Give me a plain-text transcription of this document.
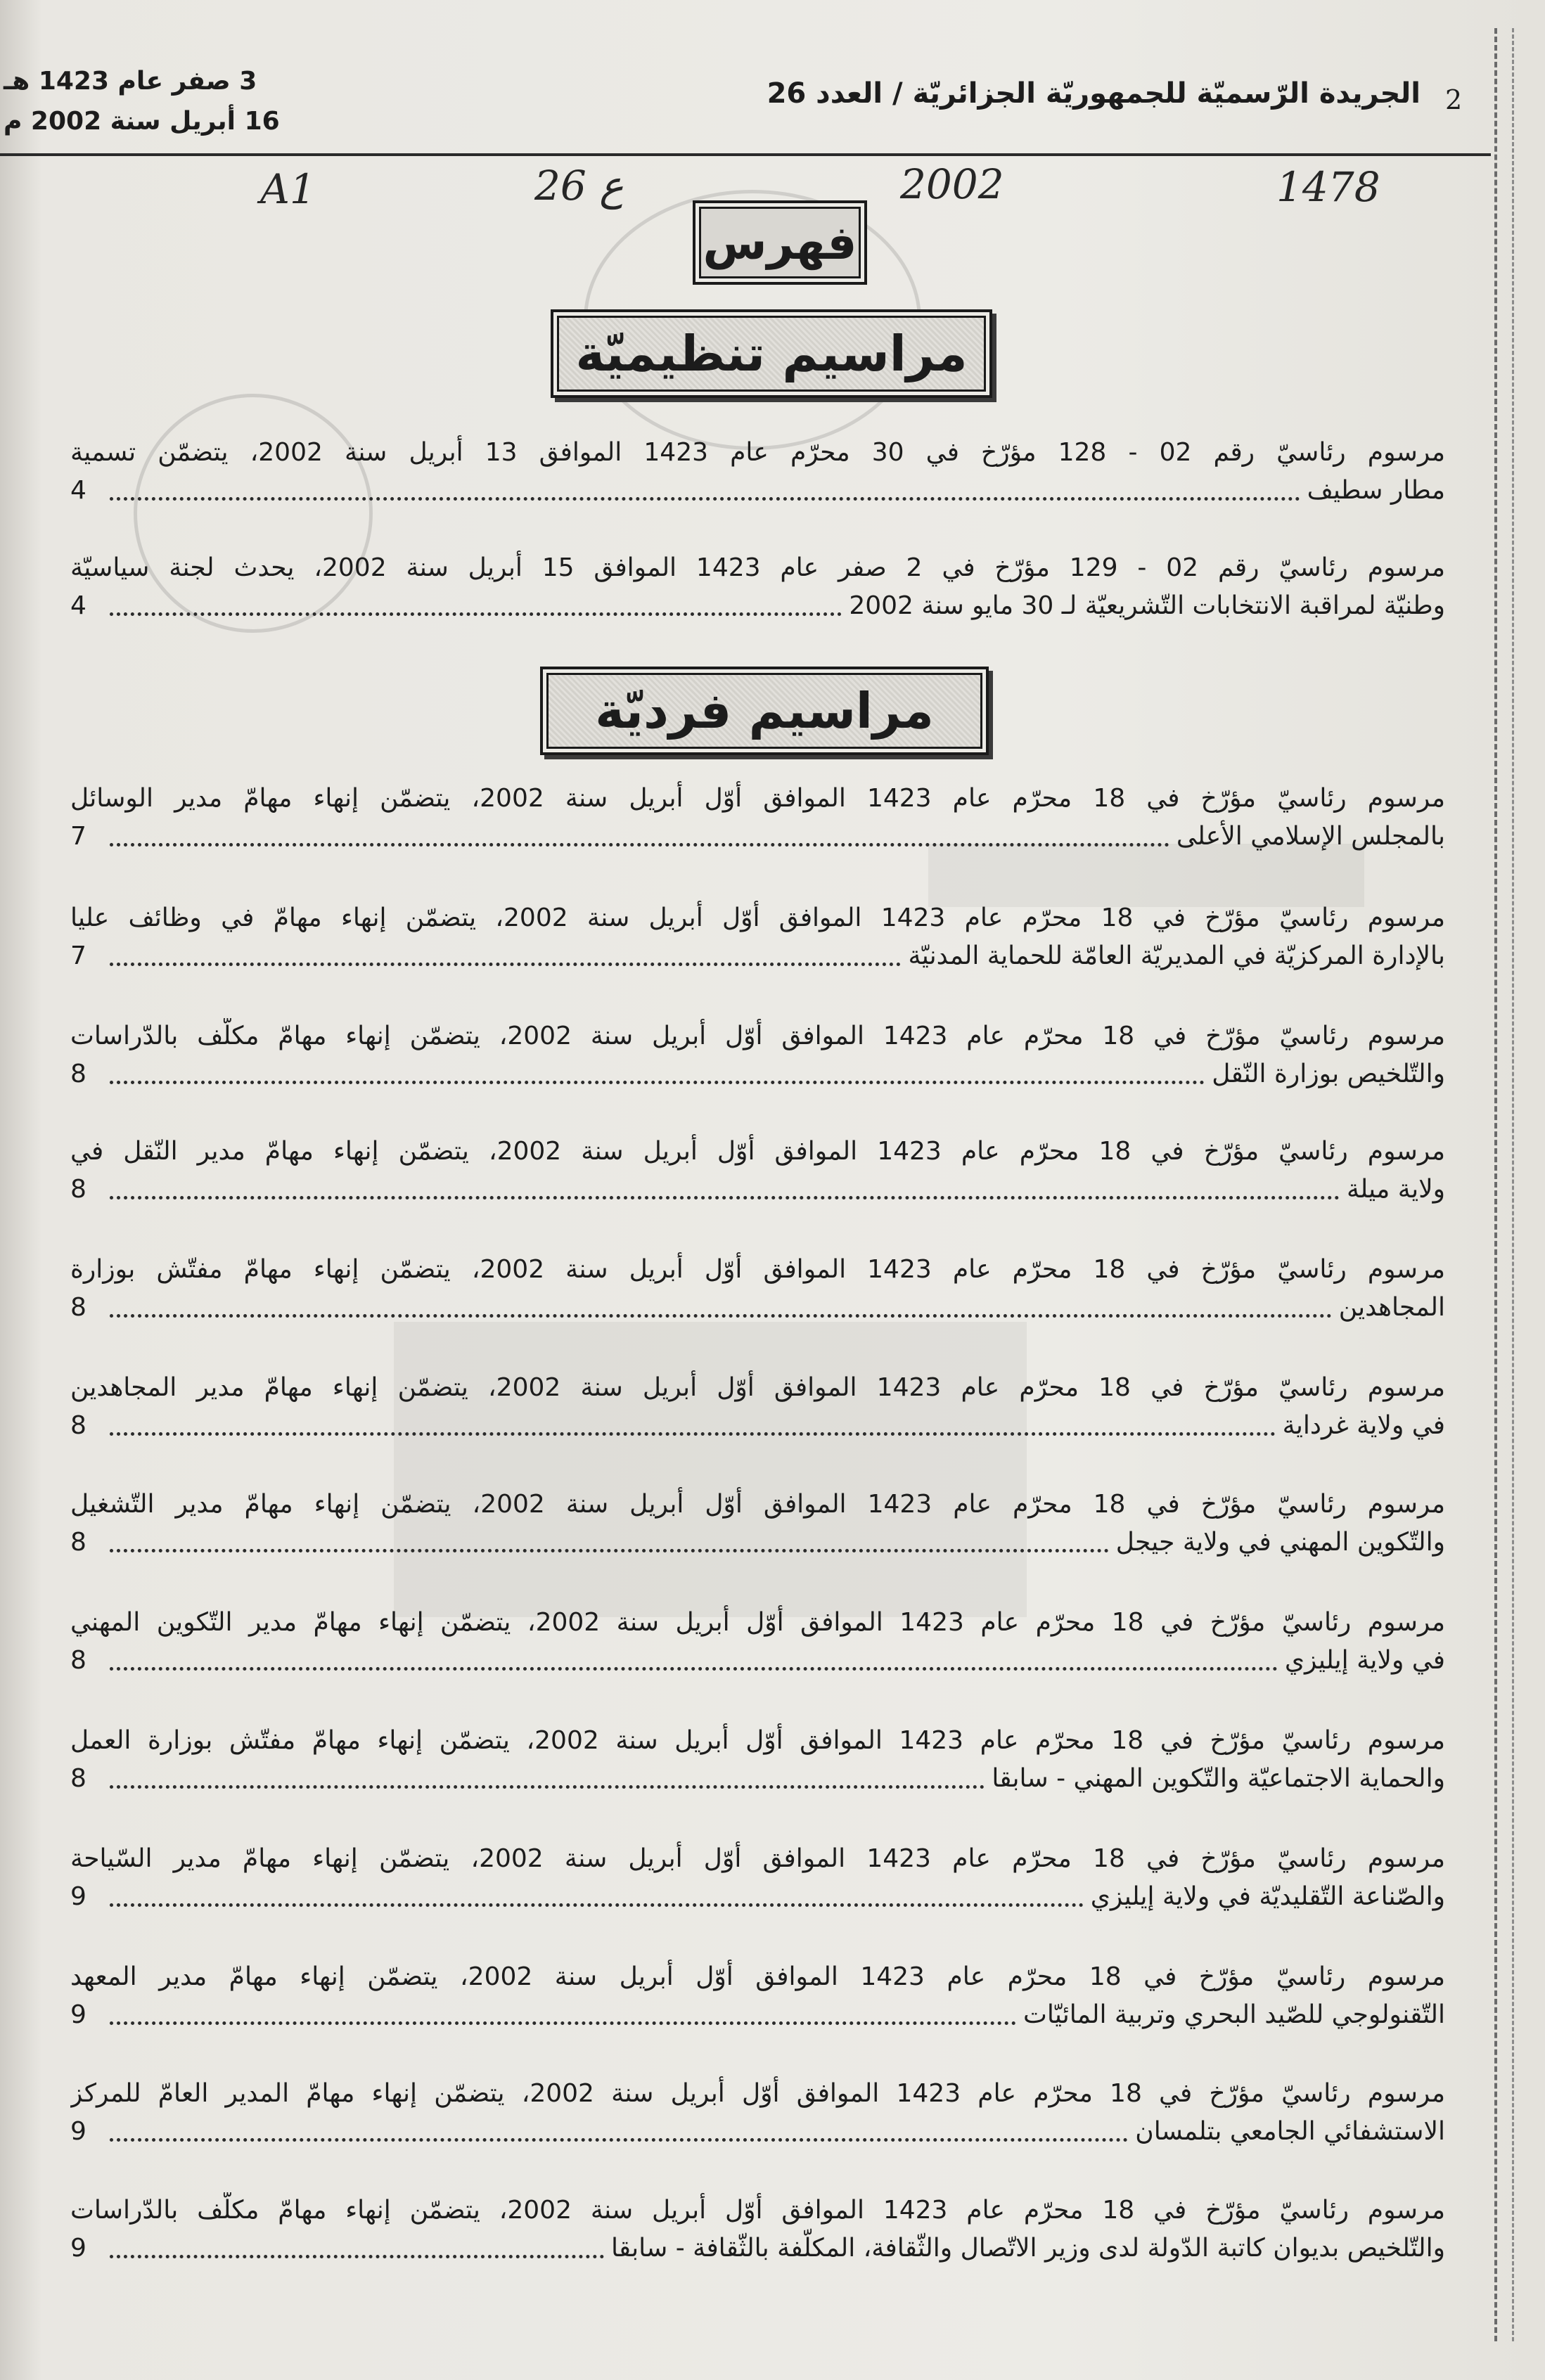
2
الجريدة الرّسميّة للجمهوريّة الجزائريّة / العدد 26
3 صفر عام 1423 هـ
16 أبريل سنة 2002 م
A1	26 ع	2002	1478
فهرس
مراسيم تنظيميّة
مرسوم رئاسيّ رقم 02 - 128 مؤرّخ في 30 محرّم عام 1423 الموافق 13 أبريل سنة 2002، يتضمّن تسمية
مطار سطيف
4
مرسوم رئاسيّ رقم 02 - 129 مؤرّخ في 2 صفر عام 1423 الموافق 15 أبريل سنة 2002، يحدث لجنة سياسيّة
وطنيّة لمراقبة الانتخابات التّشريعيّة لـ 30 مايو سنة 2002
4
مراسيم فرديّة
مرسوم رئاسيّ مؤرّخ في 18 محرّم عام 1423 الموافق أوّل أبريل سنة 2002، يتضمّن إنهاء مهامّ مدير الوسائل
بالمجلس الإسلامي الأعلى
7
مرسوم رئاسيّ مؤرّخ في 18 محرّم عام 1423 الموافق أوّل أبريل سنة 2002، يتضمّن إنهاء مهامّ في وظائف عليا
بالإدارة المركزيّة في المديريّة العامّة للحماية المدنيّة
7
مرسوم رئاسيّ مؤرّخ في 18 محرّم عام 1423 الموافق أوّل أبريل سنة 2002، يتضمّن إنهاء مهامّ مكلّف بالدّراسات
والتّلخيص بوزارة النّقل
8
مرسوم رئاسيّ مؤرّخ في 18 محرّم عام 1423 الموافق أوّل أبريل سنة 2002، يتضمّن إنهاء مهامّ مدير النّقل في
ولاية ميلة
8
مرسوم رئاسيّ مؤرّخ في 18 محرّم عام 1423 الموافق أوّل أبريل سنة 2002، يتضمّن إنهاء مهامّ مفتّش بوزارة
المجاهدين
8
مرسوم رئاسيّ مؤرّخ في 18 محرّم عام 1423 الموافق أوّل أبريل سنة 2002، يتضمّن إنهاء مهامّ مدير المجاهدين
في ولاية غرداية
8
مرسوم رئاسيّ مؤرّخ في 18 محرّم عام 1423 الموافق أوّل أبريل سنة 2002، يتضمّن إنهاء مهامّ مدير التّشغيل
والتّكوين المهني في ولاية جيجل
8
مرسوم رئاسيّ مؤرّخ في 18 محرّم عام 1423 الموافق أوّل أبريل سنة 2002، يتضمّن إنهاء مهامّ مدير التّكوين المهني
في ولاية إيليزي
8
مرسوم رئاسيّ مؤرّخ في 18 محرّم عام 1423 الموافق أوّل أبريل سنة 2002، يتضمّن إنهاء مهامّ مفتّش بوزارة العمل
والحماية الاجتماعيّة والتّكوين المهني - سابقا
8
مرسوم رئاسيّ مؤرّخ في 18 محرّم عام 1423 الموافق أوّل أبريل سنة 2002، يتضمّن إنهاء مهامّ مدير السّياحة
والصّناعة التّقليديّة في ولاية إيليزي
9
مرسوم رئاسيّ مؤرّخ في 18 محرّم عام 1423 الموافق أوّل أبريل سنة 2002، يتضمّن إنهاء مهامّ مدير المعهد
التّقنولوجي للصّيد البحري وتربية المائيّات
9
مرسوم رئاسيّ مؤرّخ في 18 محرّم عام 1423 الموافق أوّل أبريل سنة 2002، يتضمّن إنهاء مهامّ المدير العامّ للمركز
الاستشفائي الجامعي بتلمسان
9
مرسوم رئاسيّ مؤرّخ في 18 محرّم عام 1423 الموافق أوّل أبريل سنة 2002، يتضمّن إنهاء مهامّ مكلّف بالدّراسات
والتّلخيص بديوان كاتبة الدّولة لدى وزير الاتّصال والثّقافة، المكلّفة بالثّقافة - سابقا
9
